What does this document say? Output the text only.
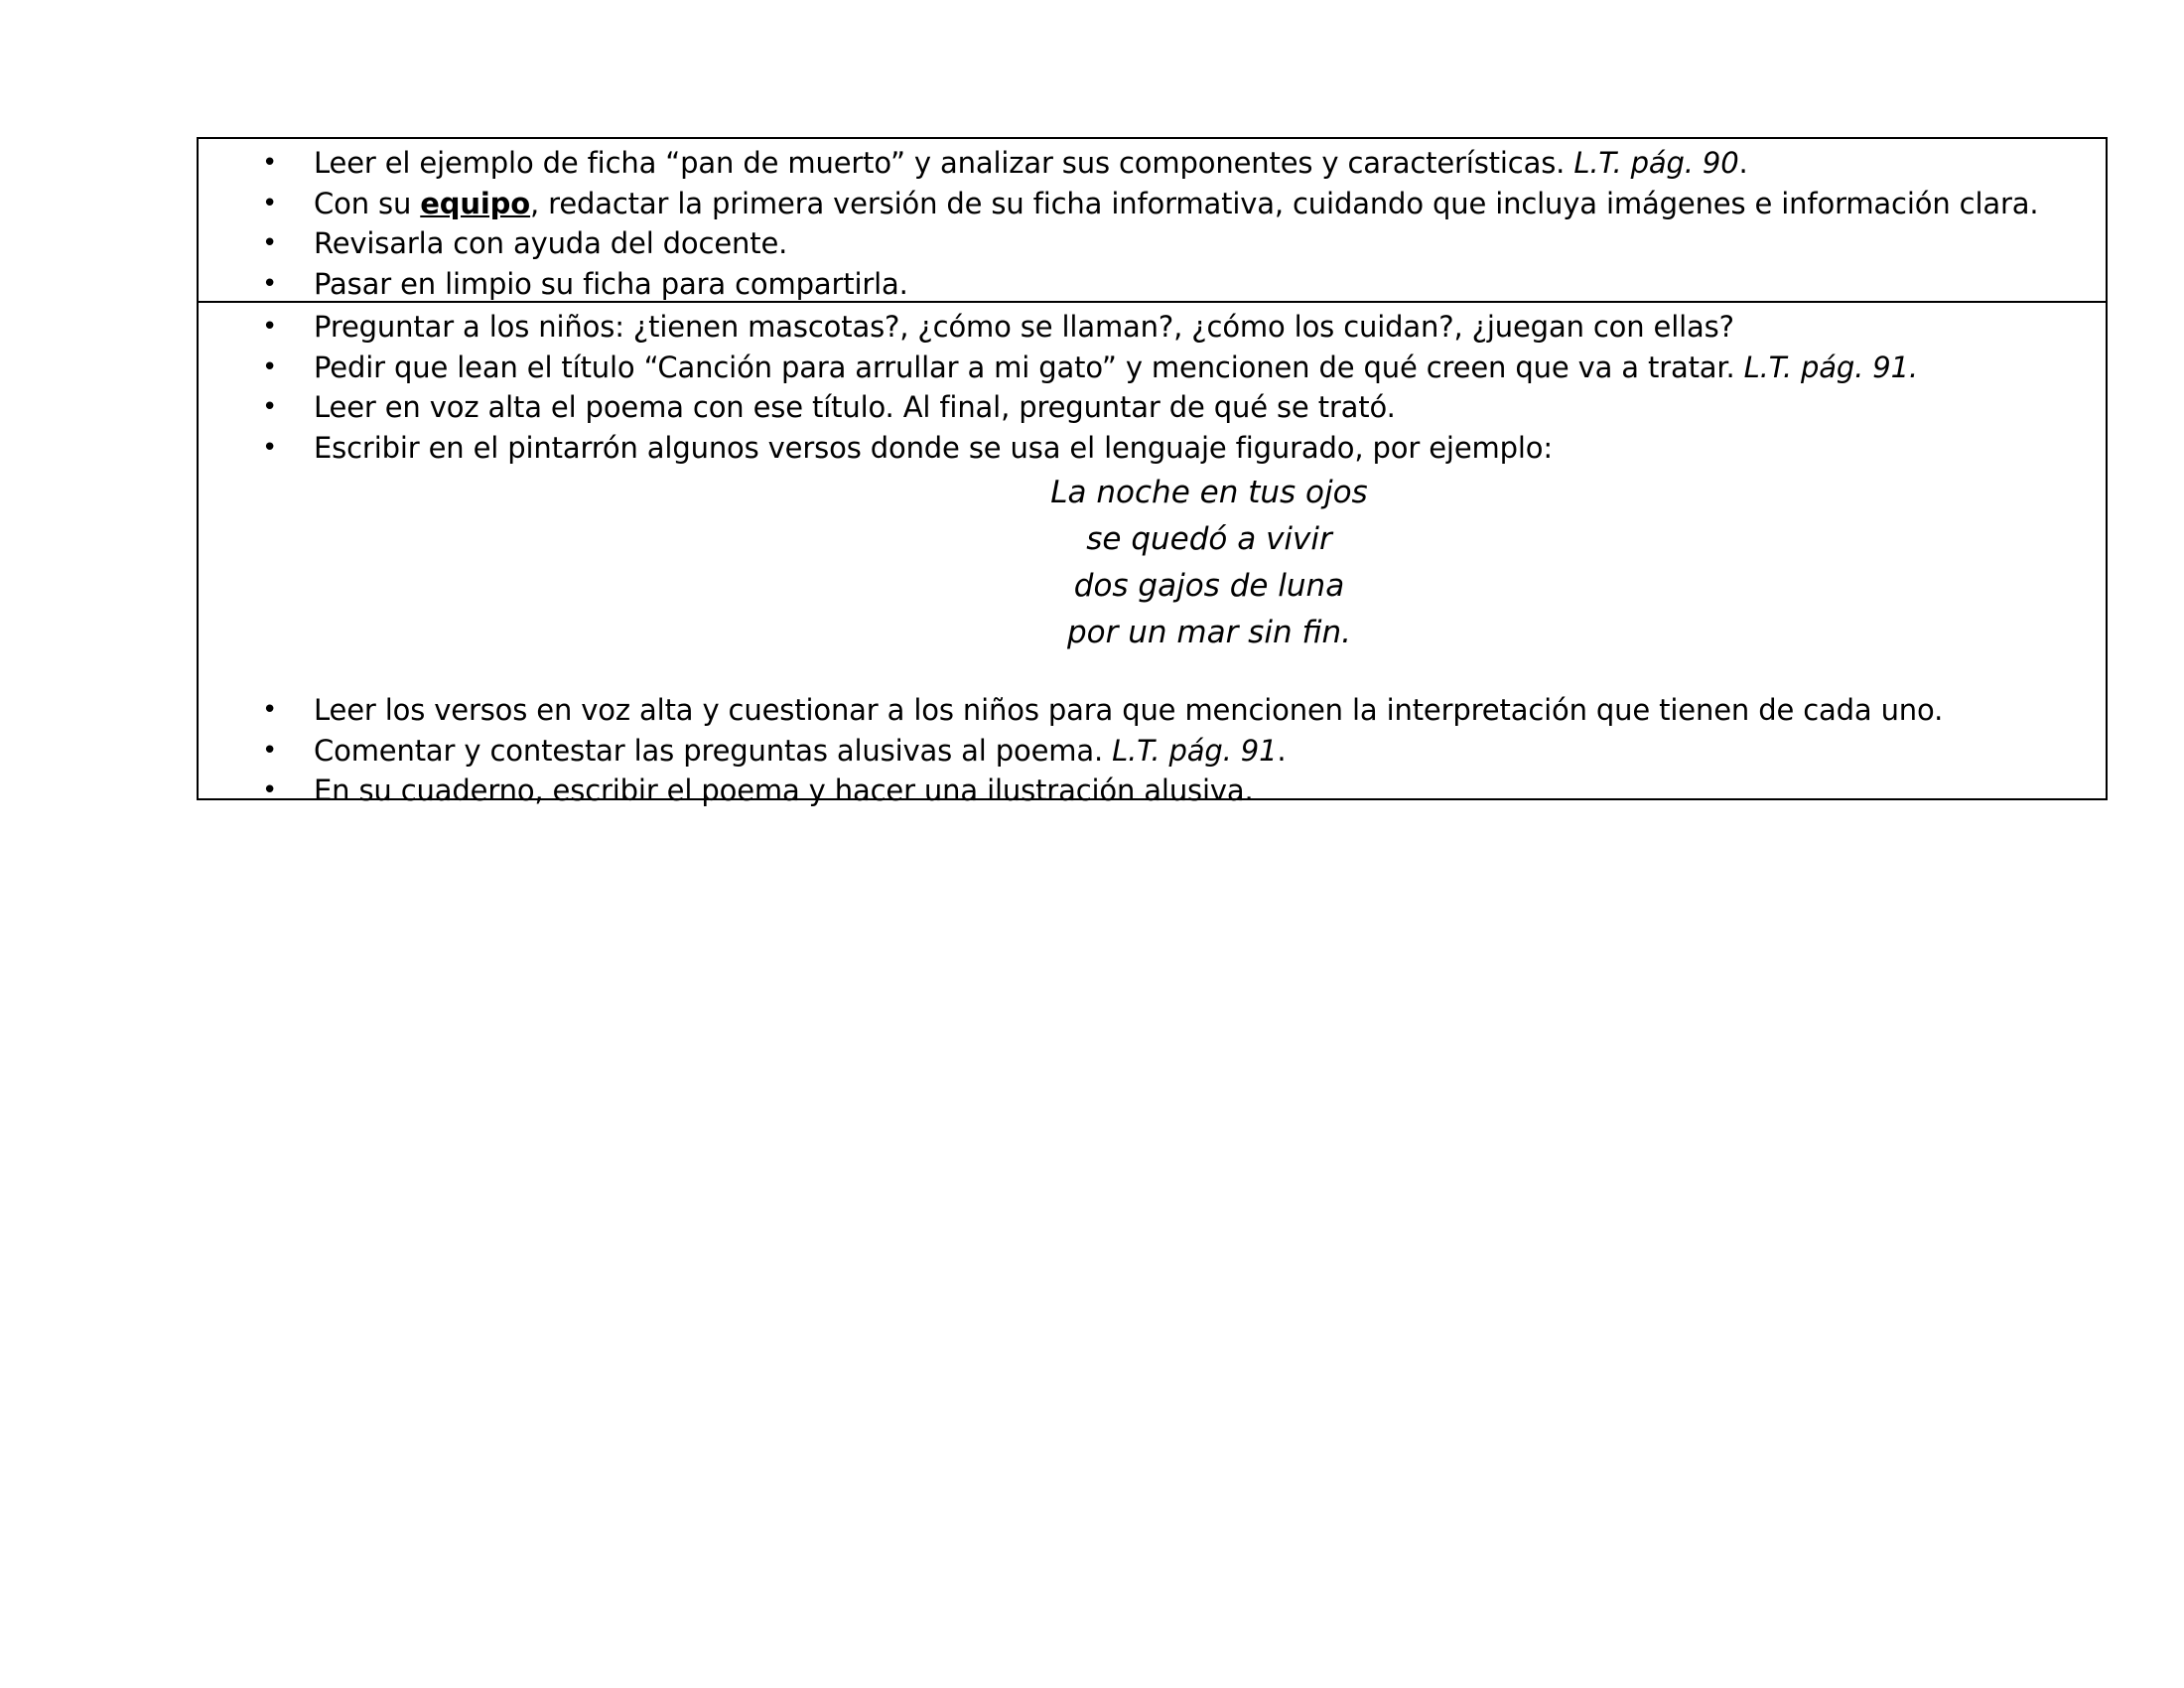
• Leer el ejemplo de ficha “pan de muerto” y analizar sus componentes y características. L.T. pág. 90.
• Con su equipo, redactar la primera versión de su ficha informativa, cuidando que incluya imágenes e información clara.
• Revisarla con ayuda del docente.
• Pasar en limpio su ficha para compartirla.
• Preguntar a los niños: ¿tienen mascotas?, ¿cómo se llaman?, ¿cómo los cuidan?, ¿juegan con ellas?
• Pedir que lean el título “Canción para arrullar a mi gato” y mencionen de qué creen que va a tratar. L.T. pág. 91.
• Leer en voz alta el poema con ese título. Al final, preguntar de qué se trató.
• Escribir en el pintarrón algunos versos donde se usa el lenguaje figurado, por ejemplo:
La noche en tus ojos
se quedó a vivir
dos gajos de luna
por un mar sin fin.
• Leer los versos en voz alta y cuestionar a los niños para que mencionen la interpretación que tienen de cada uno.
• Comentar y contestar las preguntas alusivas al poema. L.T. pág. 91.
• En su cuaderno, escribir el poema y hacer una ilustración alusiva.
